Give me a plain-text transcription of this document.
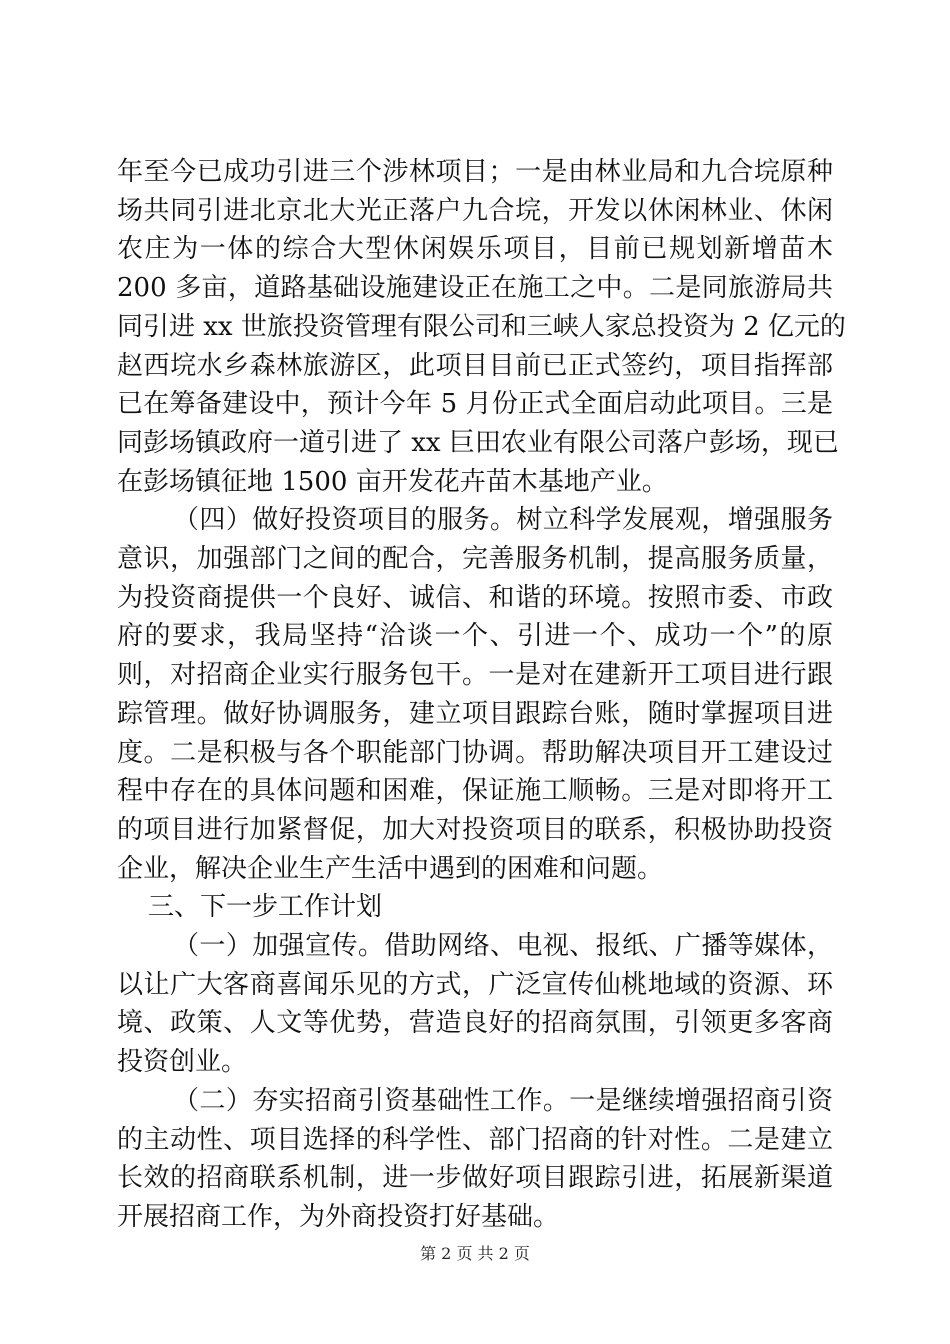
年至今已成功引进三个涉林项目；一是由林业局和九合垸原种
场共同引进北京北大光正落户九合垸，开发以休闲林业、休闲
农庄为一体的综合大型休闲娱乐项目，目前已规划新增苗木
200 多亩，道路基础设施建设正在施工之中。二是同旅游局共
同引进 xx 世旅投资管理有限公司和三峡人家总投资为 2 亿元的
赵西垸水乡森林旅游区，此项目目前已正式签约，项目指挥部
已在筹备建设中，预计今年 5 月份正式全面启动此项目。三是
同彭场镇政府一道引进了 xx 巨田农业有限公司落户彭场，现已
在彭场镇征地 1500 亩开发花卉苗木基地产业。
（四）做好投资项目的服务。树立科学发展观，增强服务
意识，加强部门之间的配合，完善服务机制，提高服务质量，
为投资商提供一个良好、诚信、和谐的环境。按照市委、市政
府的要求，我局坚持“洽谈一个、引进一个、成功一个”的原
则，对招商企业实行服务包干。一是对在建新开工项目进行跟
踪管理。做好协调服务，建立项目跟踪台账，随时掌握项目进
度。二是积极与各个职能部门协调。帮助解决项目开工建设过
程中存在的具体问题和困难，保证施工顺畅。三是对即将开工
的项目进行加紧督促，加大对投资项目的联系，积极协助投资
企业，解决企业生产生活中遇到的困难和问题。
三、下一步工作计划
（一）加强宣传。借助网络、电视、报纸、广播等媒体，
以让广大客商喜闻乐见的方式，广泛宣传仙桃地域的资源、环
境、政策、人文等优势，营造良好的招商氛围，引领更多客商
投资创业。
（二）夯实招商引资基础性工作。一是继续增强招商引资
的主动性、项目选择的科学性、部门招商的针对性。二是建立
长效的招商联系机制，进一步做好项目跟踪引进，拓展新渠道
开展招商工作，为外商投资打好基础。
第 2 页 共 2 页
